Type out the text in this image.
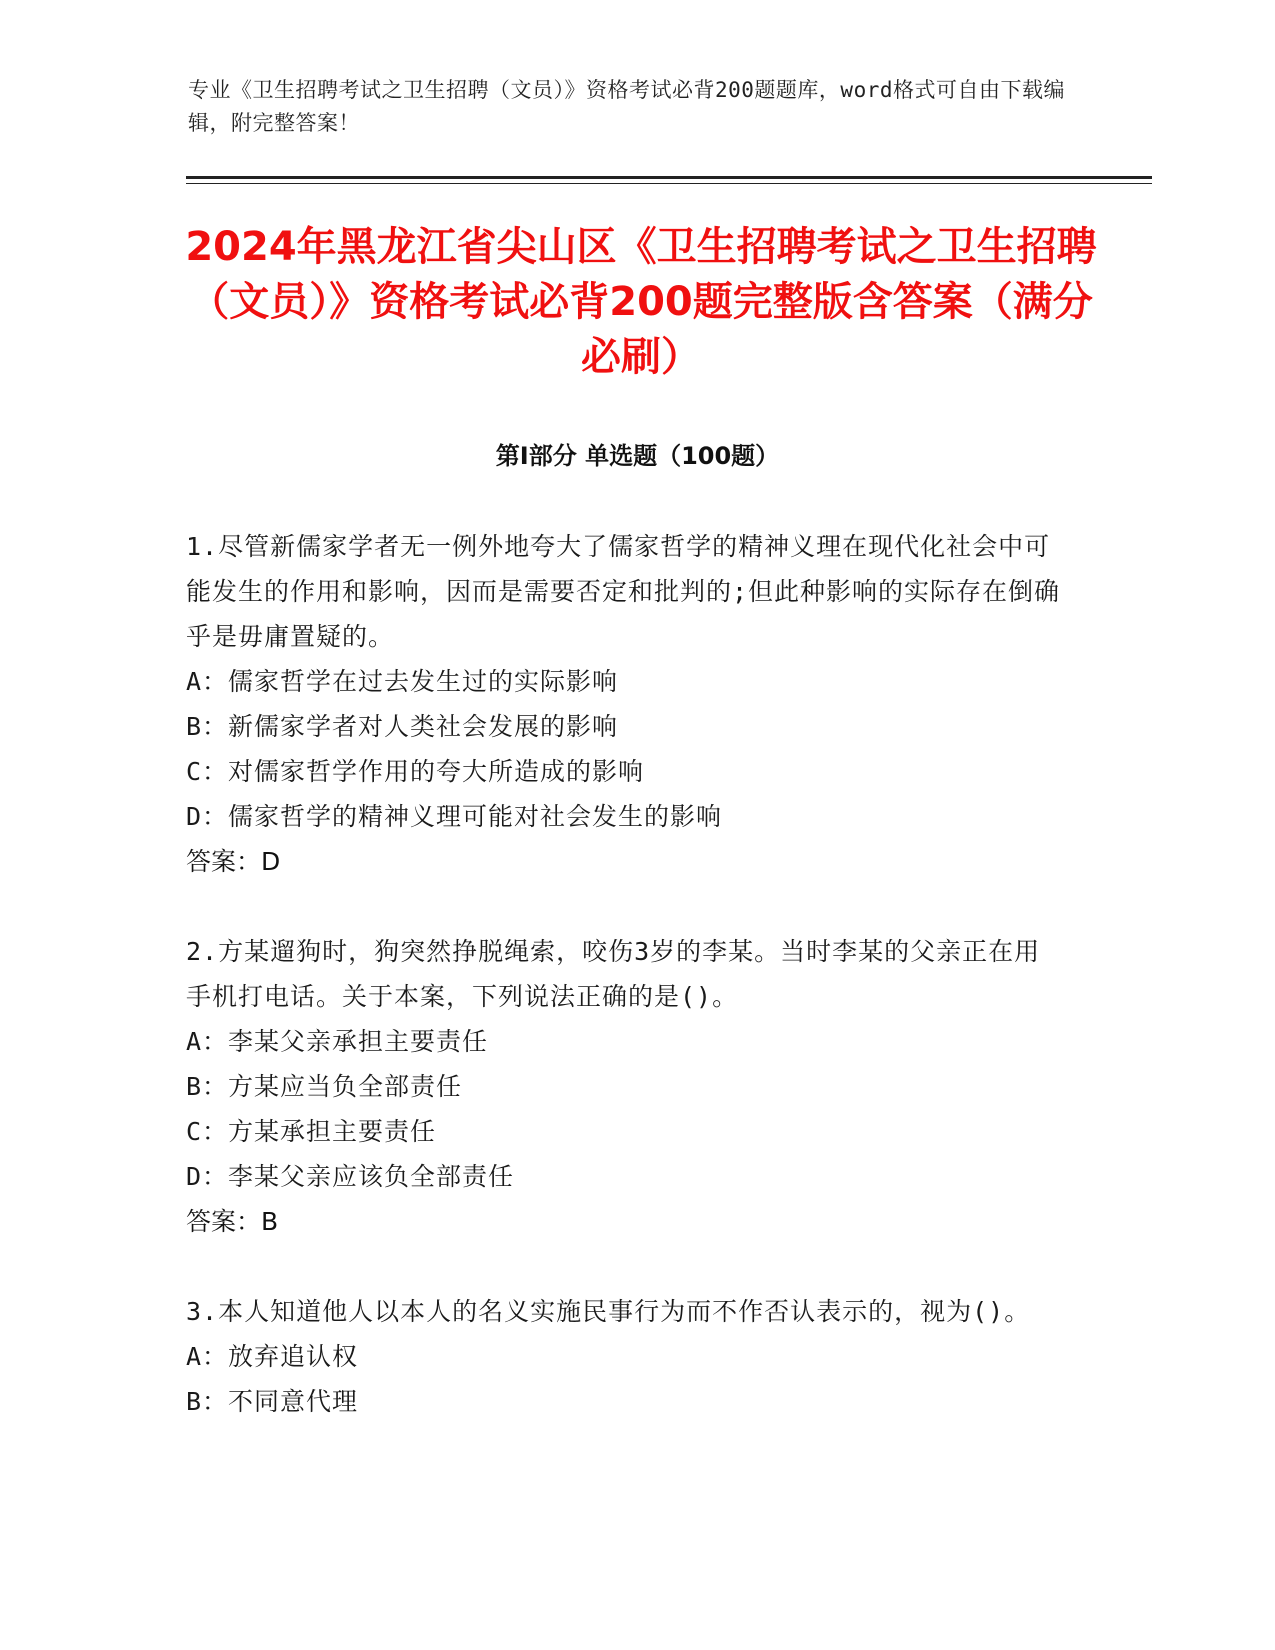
专业《卫生招聘考试之卫生招聘（文员）》资格考试必背200题题库，word格式可自由下载编辑，附完整答案！
2024年黑龙江省尖山区《卫生招聘考试之卫生招聘（文员）》资格考试必背200题完整版含答案（满分必刷）
第I部分 单选题（100题）
1.尽管新儒家学者无一例外地夸大了儒家哲学的精神义理在现代化社会中可能发生的作用和影响，因而是需要否定和批判的;但此种影响的实际存在倒确乎是毋庸置疑的。
A：儒家哲学在过去发生过的实际影响
B：新儒家学者对人类社会发展的影响
C：对儒家哲学作用的夸大所造成的影响
D：儒家哲学的精神义理可能对社会发生的影响
答案：D
2.方某遛狗时，狗突然挣脱绳索，咬伤3岁的李某。当时李某的父亲正在用手机打电话。关于本案，下列说法正确的是()。
A：李某父亲承担主要责任
B：方某应当负全部责任
C：方某承担主要责任
D：李某父亲应该负全部责任
答案：B
3.本人知道他人以本人的名义实施民事行为而不作否认表示的，视为()。
A：放弃追认权
B：不同意代理
